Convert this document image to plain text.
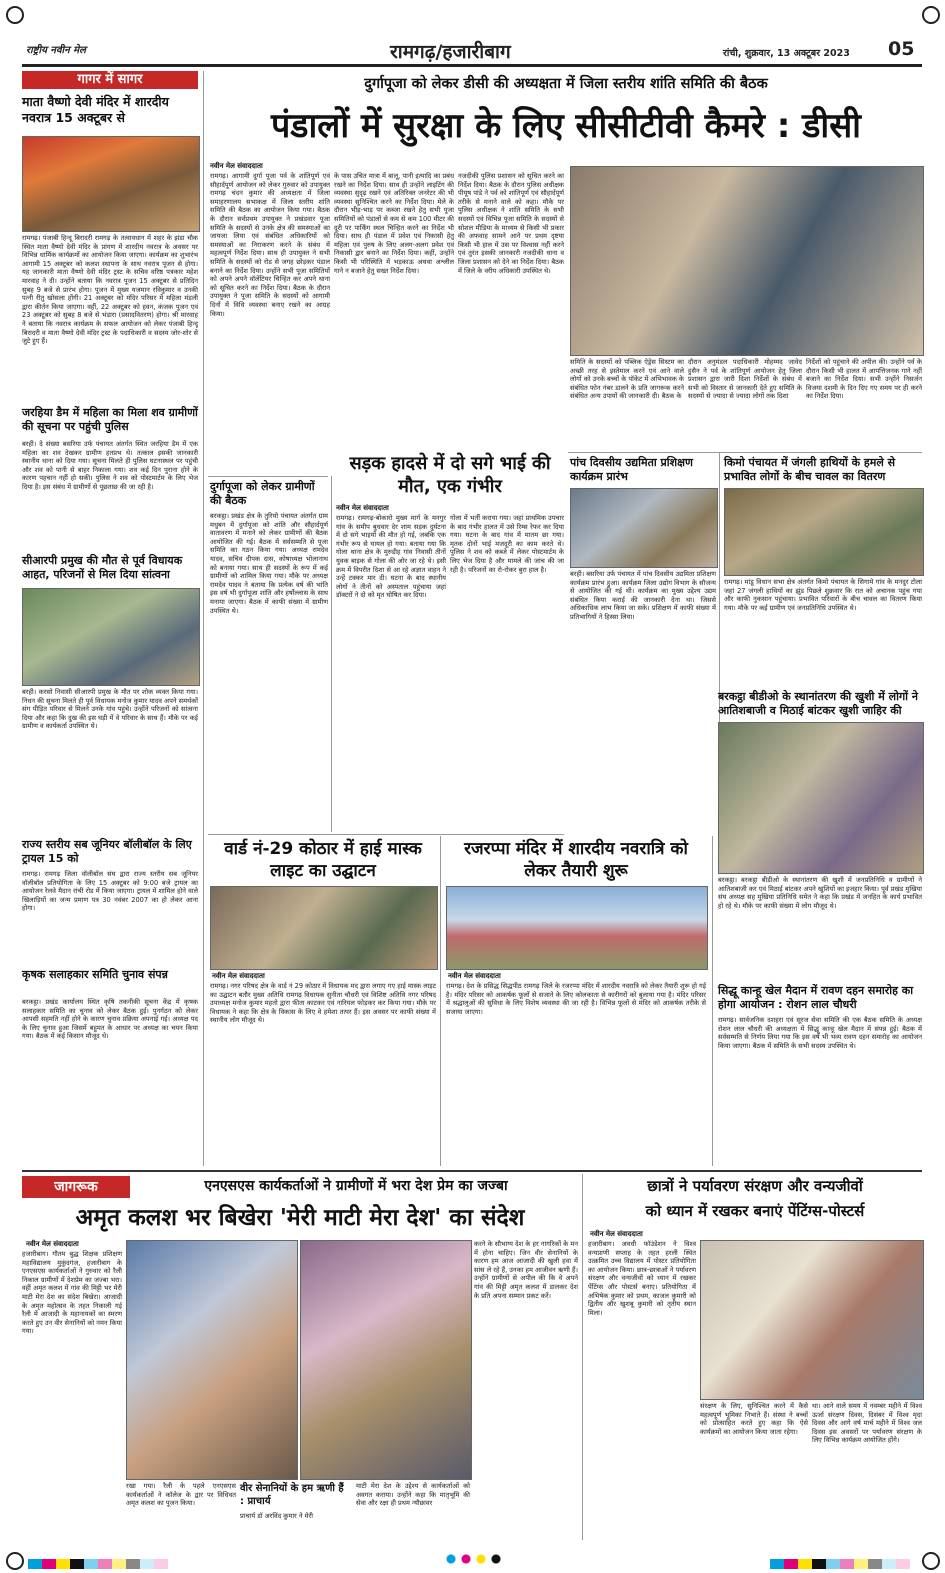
राष्ट्रीय नवीन मेल	रामगढ़/हजारीबाग	रांची, शुक्रवार, 13 अक्टूबर 2023 05
गागर में सागर
माता वैष्णो देवी मंदिर में शारदीय नवरात्र 15 अक्टूबर से
रामगढ़। पंजाबी हिन्दू बिरादरी रामगढ़ के तत्वावधान में शहर के झंडा चौक स्थित माता वैष्णो देवी मंदिर के प्रांगण में शारदीय नवरात्र के अवसर पर विभिन्न धार्मिक कार्यक्रमों का आयोजन किया जाएगा। कार्यक्रम का शुभारंभ आगामी 15 अक्टूबर को कलश स्थापना के साथ नवरात्र पूजन से होगा। यह जानकारी माता वैष्णो देवी मंदिर ट्रस्ट के सचिव वरिष्ठ पत्रकार महेश मारवाह ने दी। उन्होंने बताया कि नवरात्र पूजन 15 अक्टूबर से प्रतिदिन सुबह 9 बजे से प्रारंभ होगा। पूजन में मुख्य यजमान रविकुमार व उनकी पत्नी रीतु खोसला होंगी। 21 अक्टूबर को मंदिर परिसर में महिला मंडली द्वारा कीर्तन किया जाएगा। वहीं, 22 अक्टूबर को हवन, कंजक पूजन एवं 23 अक्टूबर को सुबह 8 बजे से भंडारा (प्रसादवितरण) होगा। श्री मारवाह ने बताया कि नवरात्र कार्यक्रम के सफल आयोजन को लेकर पंजाबी हिन्दू बिरादरी व माता वैष्णो देवी मंदिर ट्रस्ट के पदाधिकारी व सदस्य जोर-शोर से जुटे हुए हैं।
जरहिया डैम में महिला का मिला शव ग्रामीणों की सूचना पर पहुंची पुलिस
बरही। दे संख्या बसरिया उर्फ पंचायत अंतर्गत स्थित जरहिया डैम में एक महिला का शव देखकर ग्रामीण हतप्रभ थे। तत्काल इसकी जानकारी स्थानीय थाना को दिया गया। सूचना मिलते ही पुलिस घटनास्थल पर पहुंची और शव को पानी से बाहर निकाला गया। शव कई दिन पुराना होने के कारण पहचान नहीं हो सकी। पुलिस ने शव को पोस्टमार्टम के लिए भेज दिया है। इस संबंध में ग्रामीणों से पूछताछ की जा रही है।
सीआरपी प्रमुख की मौत से पूर्व विधायक आहत, परिजनों से मिल दिया सांत्वना
बरही। करसो निवासी सीआरपी प्रमुख के मौत पर शोक व्यक्त किया गया। निधन की सूचना मिलते ही पूर्व विधायक मनोज कुमार यादव अपने समर्थकों संग पीड़ित परिवार से मिलने उनके गांव पहुंचे। उन्होंने परिजनों को सांत्वना दिया और कहा कि दुख की इस घड़ी में वे परिवार के साथ हैं। मौके पर कई ग्रामीण व कार्यकर्ता उपस्थित थे।
राज्य स्तरीय सब जूनियर बॉलीबॉल के लिए ट्रायल 15 को
रामगढ़। रामगढ़ जिला वॉलीबॉल संघ द्वारा राज्य स्तरीय सब जूनियर वॉलीबॉल प्रतियोगिता के लिए 15 अक्टूबर को 9:00 बजे ट्रायल का आयोजन रेलवे मैदान रांची रोड में किया जाएगा। ट्रायल में शामिल होने वाले खिलाड़ियों का जन्म प्रमाण पत्र 30 नवंबर 2007 का हो लेकर आना होगा।
कृषक सलाहकार समिति चुनाव संपन्न
बरकट्ठा। प्रखंड कार्यालय स्थित कृषि तकनीकी सूचना केंद्र में कृषक सलाहकार समिति का चुनाव को लेकर बैठक हुई। पुनर्गठन को लेकर आपसी सहमति नहीं होने के कारण चुनाव प्रक्रिया अपनाई गई। अध्यक्ष पद के लिए चुनाव हुआ जिसमें बहुमत के आधार पर अध्यक्ष का चयन किया गया। बैठक में कई किसान मौजूद थे।
दुर्गापूजा को लेकर डीसी की अध्यक्षता में जिला स्तरीय शांति समिति की बैठक
पंडालों में सुरक्षा के लिए सीसीटीवी कैमरे : डीसी
नवीन मेल संवाददाता
रामगढ़। आगामी दुर्गा पूजा पर्व के शांतिपूर्ण एवं सौहार्दपूर्ण आयोजन को लेकर गुरुवार को उपायुक्त रामगढ़ चंदन कुमार की अध्यक्षता में जिला समाहरणालय सभाकक्ष में जिला स्तरीय शांति समिति की बैठक का आयोजन किया गया। बैठक के दौरान सर्वप्रथम उपायुक्त ने प्रखंडवार पूजा समिति के सदस्यों से उनके क्षेत्र की समस्याओं का जायजा लिया एवं संबंधित अधिकारियों को समस्याओं का निराकरण करने के संबंध में महत्वपूर्ण निर्देश दिया। साथ ही उपायुक्त ने सभी समिति के सदस्यों को रोड से जगह छोड़कर पंडाल बनाने का निर्देश दिया। उन्होंने सभी पूजा समितियों को अपने अपने वॉलेंटियर चिन्हित कर अपने थाना को सूचित करने का निर्देश दिया। बैठक के दौरान उपायुक्त ने पूजा समिति के सदस्यों को आगामी दिनों में विधि व्यवस्था बनाए रखने का आग्रह किया।
के पास उचित मात्रा में बालू, पानी इत्यादि का प्रबंध रखने का निर्देश दिया। साथ ही उन्होंने लाइटिंग की व्यवस्था सुदृढ़ रखने एवं अतिरिक्त जनरेटर की भी व्यवस्था सुनिश्चित करने का निर्देश दिया। मेले के दौरान भीड़-भाड़ पर कब्जा रखने हेतु सभी पूजा समितियों को पंडालों से कम से कम 100 मीटर की दूरी पर पार्किंग स्थल चिन्हित करने का निर्देश भी दिया। साथ ही पंडाल में प्रवेश एवं निकासी हेतु महिला एवं पुरुष के लिए अलग-अलग प्रवेश एवं निकासी द्वार बनाने का निर्देश दिया। कहीं, उन्होंने किसी भी परिस्थिति में भड़काऊ अथवा अश्लील गाने न बजाने हेतु सख्त निर्देश दिया।
नजदीकी पुलिस प्रशासन को सूचित करने का निर्देश दिया। बैठक के दौरान पुलिस अधीक्षक पीयूष पांडे ने पर्व को शांतिपूर्ण एवं सौहार्दपूर्ण तरीके से मनाने वाले को कहा। मौके पर पुलिस अधीक्षक ने शांति समिति के सभी सदस्यों एवं विभिन्न पूजा समिति के सदस्यों से सोशल मीडिया के माध्यम से किसी भी प्रकार की अफवाह सामने आने पर प्रथम दृष्टया किसी भी हाल में उस पर विश्वास नहीं करने एवं तुरंत इसकी जानकारी नजदीकी थाना व जिला प्रशासन को देने का निर्देश दिया। बैठक में जिले के वरीय अधिकारी उपस्थित थे।
समिति के सदस्यों को पब्लिक ऐड्रेस सिस्टम का अच्छी तरह से इस्तेमाल करने एवं आने वाले लोगों को उनके बच्चों के पॉकेट में अभिभावक के संबंधित फोन नंबर डालने के प्रति जागरूक करने संबंधित अन्य उपायों की जानकारी दी। बैठक के
दौरान अनुमंडल पदाधिकारी मोहम्मद जावेद हुसैन ने पर्व के शांतिपूर्ण आयोजन हेतु जिला प्रशासन द्वारा जारी दिशा निर्देशों के संबंध में सभी को विस्तार से जानकारी देते हुए समिति के सदस्यों से ज्यादा से ज्यादा लोगों तक दिशा
निर्देशों को पहुंचाने की अपील की। उन्होंने पर्व के दौरान किसी भी हालत में आपत्तिजनक गाने नहीं बजाने का निर्देश दिया। सभी उन्होंने निसर्जन विजया दशमी के दिन दिए गए समय पर ही करने का निर्देश दिया।
दुर्गापूजा को लेकर ग्रामीणों की बैठक
बरकट्ठा। प्रखंड क्षेत्र के तुरियो पंचायत अंतर्गत ग्राम मधुबन में दुर्गापूजा को शांति और सौहार्दपूर्ण वातावरण में मनाने को लेकर ग्रामीणों की बैठक आयोजित की गई। बैठक में सर्वसम्मति से पूजा समिति का गठन किया गया। अध्यक्ष रामदेव यादव, सचिव दीपक दास, कोषाध्यक्ष भोलानाथ को बनाया गया। साथ ही सदस्यों के रूप में कई ग्रामीणों को शामिल किया गया। मौके पर अध्यक्ष रामदेव यादव ने बताया कि प्रत्येक वर्ष की भांति इस वर्ष भी दुर्गापूजा शांति और हर्षोल्लास के साथ मनाया जाएगा। बैठक में काफी संख्या में ग्रामीण उपस्थित थे।
सड़क हादसे में दो सगे भाई की मौत, एक गंभीर
नवीन मेल संवाददाता
रामगढ़। रामगढ़-बोकारो मुख्य मार्ग के मनगुर गांव के समीप बुधवार देर शाम सड़क दुर्घटना में दो सगे भाइयों की मौत हो गई, जबकि एक गंभीर रूप से घायल हो गया। बताया गया कि गोला थाना क्षेत्र के मुरुडीह गांव निवासी तीनों युवक बाइक से गोला की ओर जा रहे थे। इसी क्रम में विपरीत दिशा से आ रहे अज्ञात वाहन ने उन्हें टक्कर मार दी। घटना के बाद स्थानीय लोगों ने तीनों को अस्पताल पहुंचाया जहां डॉक्टरों ने दो को मृत घोषित कर दिया।
गोला में भर्ती कराया गया। जहां प्राथमिक उपचार के बाद गंभीर हालत में उसे रिम्स रेफर कर दिया गया। घटना के बाद गांव में मातम छा गया। मृतक दोनों भाई मजदूरी का काम करते थे। पुलिस ने शव को कब्जे में लेकर पोस्टमार्टम के लिए भेज दिया है और मामले की जांच की जा रही है। परिजनों का रो-रोकर बुरा हाल है।
वार्ड नं-29 कोठार में हाई मास्क लाइट का उद्घाटन
नवीन मेल संवाददाता
रामगढ़। नगर परिषद क्षेत्र के वार्ड नं 29 कोठार में विधायक मद द्वारा लगाए गए हाई मास्क लाइट का उद्घाटन बतौर मुख्य अतिथि रामगढ़ विधायक सुनीता चौधरी एवं विशिष्ट अतिथि नगर परिषद उपाध्यक्ष मनोज कुमार महतो द्वारा फीता काटकर एवं नारियल फोड़कर कर किया गया। मौके पर विधायक ने कहा कि क्षेत्र के विकास के लिए वे हमेशा तत्पर हैं। इस अवसर पर काफी संख्या में स्थानीय लोग मौजूद थे।
रजरप्पा मंदिर में शारदीय नवरात्रि को लेकर तैयारी शुरू
नवीन मेल संवाददाता
रामगढ़। देश के प्रसिद्ध सिद्धपीठ रामगढ़ जिले के रजरप्पा मंदिर में शारदीय नवरात्रि को लेकर तैयारी शुरू हो गई है। मंदिर परिसर को आकर्षक फूलों से सजाने के लिए कोलकाता से कारीगरों को बुलाया गया है। मंदिर परिसर में श्रद्धालुओं की सुविधा के लिए विशेष व्यवस्था की जा रही है। विभिन्न फूलों से मंदिर को आकर्षक तरीके से सजाया जाएगा।
पांच दिवसीय उद्यमिता प्रशिक्षण कार्यक्रम प्रारंभ
बरही। बसरिया उर्फ पंचायत में पांच दिवसीय उद्यमिता प्रशिक्षण कार्यक्रम प्रारंभ हुआ। कार्यक्रम जिला उद्योग विभाग के सौजन्य से आयोजित की गई थी। कार्यक्रम का मुख्य उद्देश्य उद्यम संबंधित किया कराई की जानकारी देना था। जिससे अधिकाधिक लाभ किया जा सके। प्रशिक्षण में काफी संख्या में प्रतिभागियों ने हिस्सा लिया।
किमो पंचायत में जंगली हाथियों के हमले से प्रभावित लोगों के बीच चावल का वितरण
रामगढ़। मांडू विधान सभा क्षेत्र अंतर्गत किमो पंचायत के सिगामे गांव के मनदुर टोला जहां 27 जंगली हाथियों का झुंड पिछले शुक्रवार कि रात को अचानक पहुंच गया और काफी नुकसान पहुंचाया। प्रभावित परिवारों के बीच चावल का वितरण किया गया। मौके पर कई ग्रामीण एवं जनप्रतिनिधि उपस्थित थे।
बरकट्ठा बीडीओ के स्थानांतरण की खुशी में लोगों ने आतिशबाजी व मिठाई बांटकर खुशी जाहिर की
बरकट्ठा। बरकट्ठा बीडीओ के स्थानांतरण की खुशी में जनप्रतिनिधि व ग्रामीणों ने आतिशबाजी कर एवं मिठाई बांटकर अपने खुशियों का इजहार किया। पूर्व प्रखंड मुखिया संघ अध्यक्ष सह मुखिया प्रतिनिधि समेत ने कहा कि प्रखंड में जनहित के कार्य प्रभावित हो रहे थे। मौके पर काफी संख्या में लोग मौजूद थे।
सिद्धू कान्हू खेल मैदान में रावण दहन समारोह का होगा आयोजन : रोशन लाल चौधरी
रामगढ़। सार्वजनिक दशहरा एवं सूरज सेवा समिति की एक बैठक समिति के अध्यक्ष रोशन लाल चौधरी की अध्यक्षता में सिद्धू कान्हू खेल मैदान में संपन्न हुई। बैठक में सर्वसम्मति से निर्णय लिया गया कि इस वर्ष भी भव्य रावण दहन समारोह का आयोजन किया जाएगा। बैठक में समिति के सभी सदस्य उपस्थित थे।
जागरूक	एनएसएस कार्यकर्ताओं ने ग्रामीणों में भरा देश प्रेम का जज्बा
अमृत कलश भर बिखेरा 'मेरी माटी मेरा देश' का संदेश
नवीन मेल संवाददाता
हजारीबाग। गौतम बुद्ध शिक्षक प्रशिक्षण महाविद्यालय मुकुंदगंज, हजारीबाग के एनएसएस कार्यकर्ताओं ने गुरुवार को रैली निकाल ग्रामीणों में देशप्रेम का जज्बा भरा। वहीं अमृत कलश में गांव की मिट्टी भर मेरी माटी मेरा देश का संदेश बिखेरा। आजादी के अमृत महोत्सव के तहत निकाली गई रैली में आजादी के महानायकों का स्मरण करते हुए उन वीर सेनानियों को नमन किया गया।
रखा गया। रैली के पहले एनएसएस कार्यकर्ताओं ने कॉलेज के द्वार पर विधिवत अमृत कलश का पूजन किया।
वीर सेनानियों के हम ऋणी हैं : प्राचार्य
प्राचार्य डॉ अरविंद कुमार ने मेरी
माटी मेरा देश के उद्देश्य से कार्यकर्ताओं को अवगत कराया। उन्होंने कहा कि मातृभूमि की सेवा और रक्षा ही प्रथम न्यौछावर
करने के सौभाग्य देश के हर नागरिकों के मन में होना चाहिए। जिन वीर सेनानियों के कारण हम आज आजादी की खुली हवा में सांस ले रहे हैं, उनका हम आजीवन ऋणी हैं। उन्होंने ग्रामीणों से अपील की कि वे अपने गांव की मिट्टी अमृत कलश में डालकर देश के प्रति अपना सम्मान प्रकट करें।
छात्रों ने पर्यावरण संरक्षण और वन्यजीवों
को ध्यान में रखकर बनाएं पेंटिंग्स-पोस्टर्स
नवीन मेल संवाददाता
हजारीबाग। अवधी फॉउंडेशन ने विश्व वन्यप्राणी सप्ताह के तहत हरली स्थित उत्क्रमित उच्च विद्यालय में पोस्टर प्रतियोगिता का आयोजन किया। छात्र-छात्राओं ने पर्यावरण संरक्षण और वन्यजीवों को ध्यान में रखकर पेंटिंग्स और पोस्टर्स बनाए। प्रतियोगिता में अभिषेक कुमार को प्रथम, काजल कुमारी को द्वितीय और खुशबू कुमारी को तृतीय स्थान मिला।
संरक्षण के लिए, सुनिश्चित करने में कैसे महत्वपूर्ण भूमिका निभाते हैं। संस्था ने बच्चों को प्रोत्साहित करते हुए कहा कि ऐसे कार्यक्रमों का आयोजन किया जाता रहेगा।
था। आने वाले समय में नवम्बर महीने में विश्व ऊर्जा संरक्षण दिवस, दिसंबर में विश्व मृदा दिवस और आगे वर्ष मार्च महीने में विश्व जल दिवस इस अवसरों पर पर्यावरण संरक्षण के लिए विभिन्न कार्यक्रम आयोजित होंगे।
